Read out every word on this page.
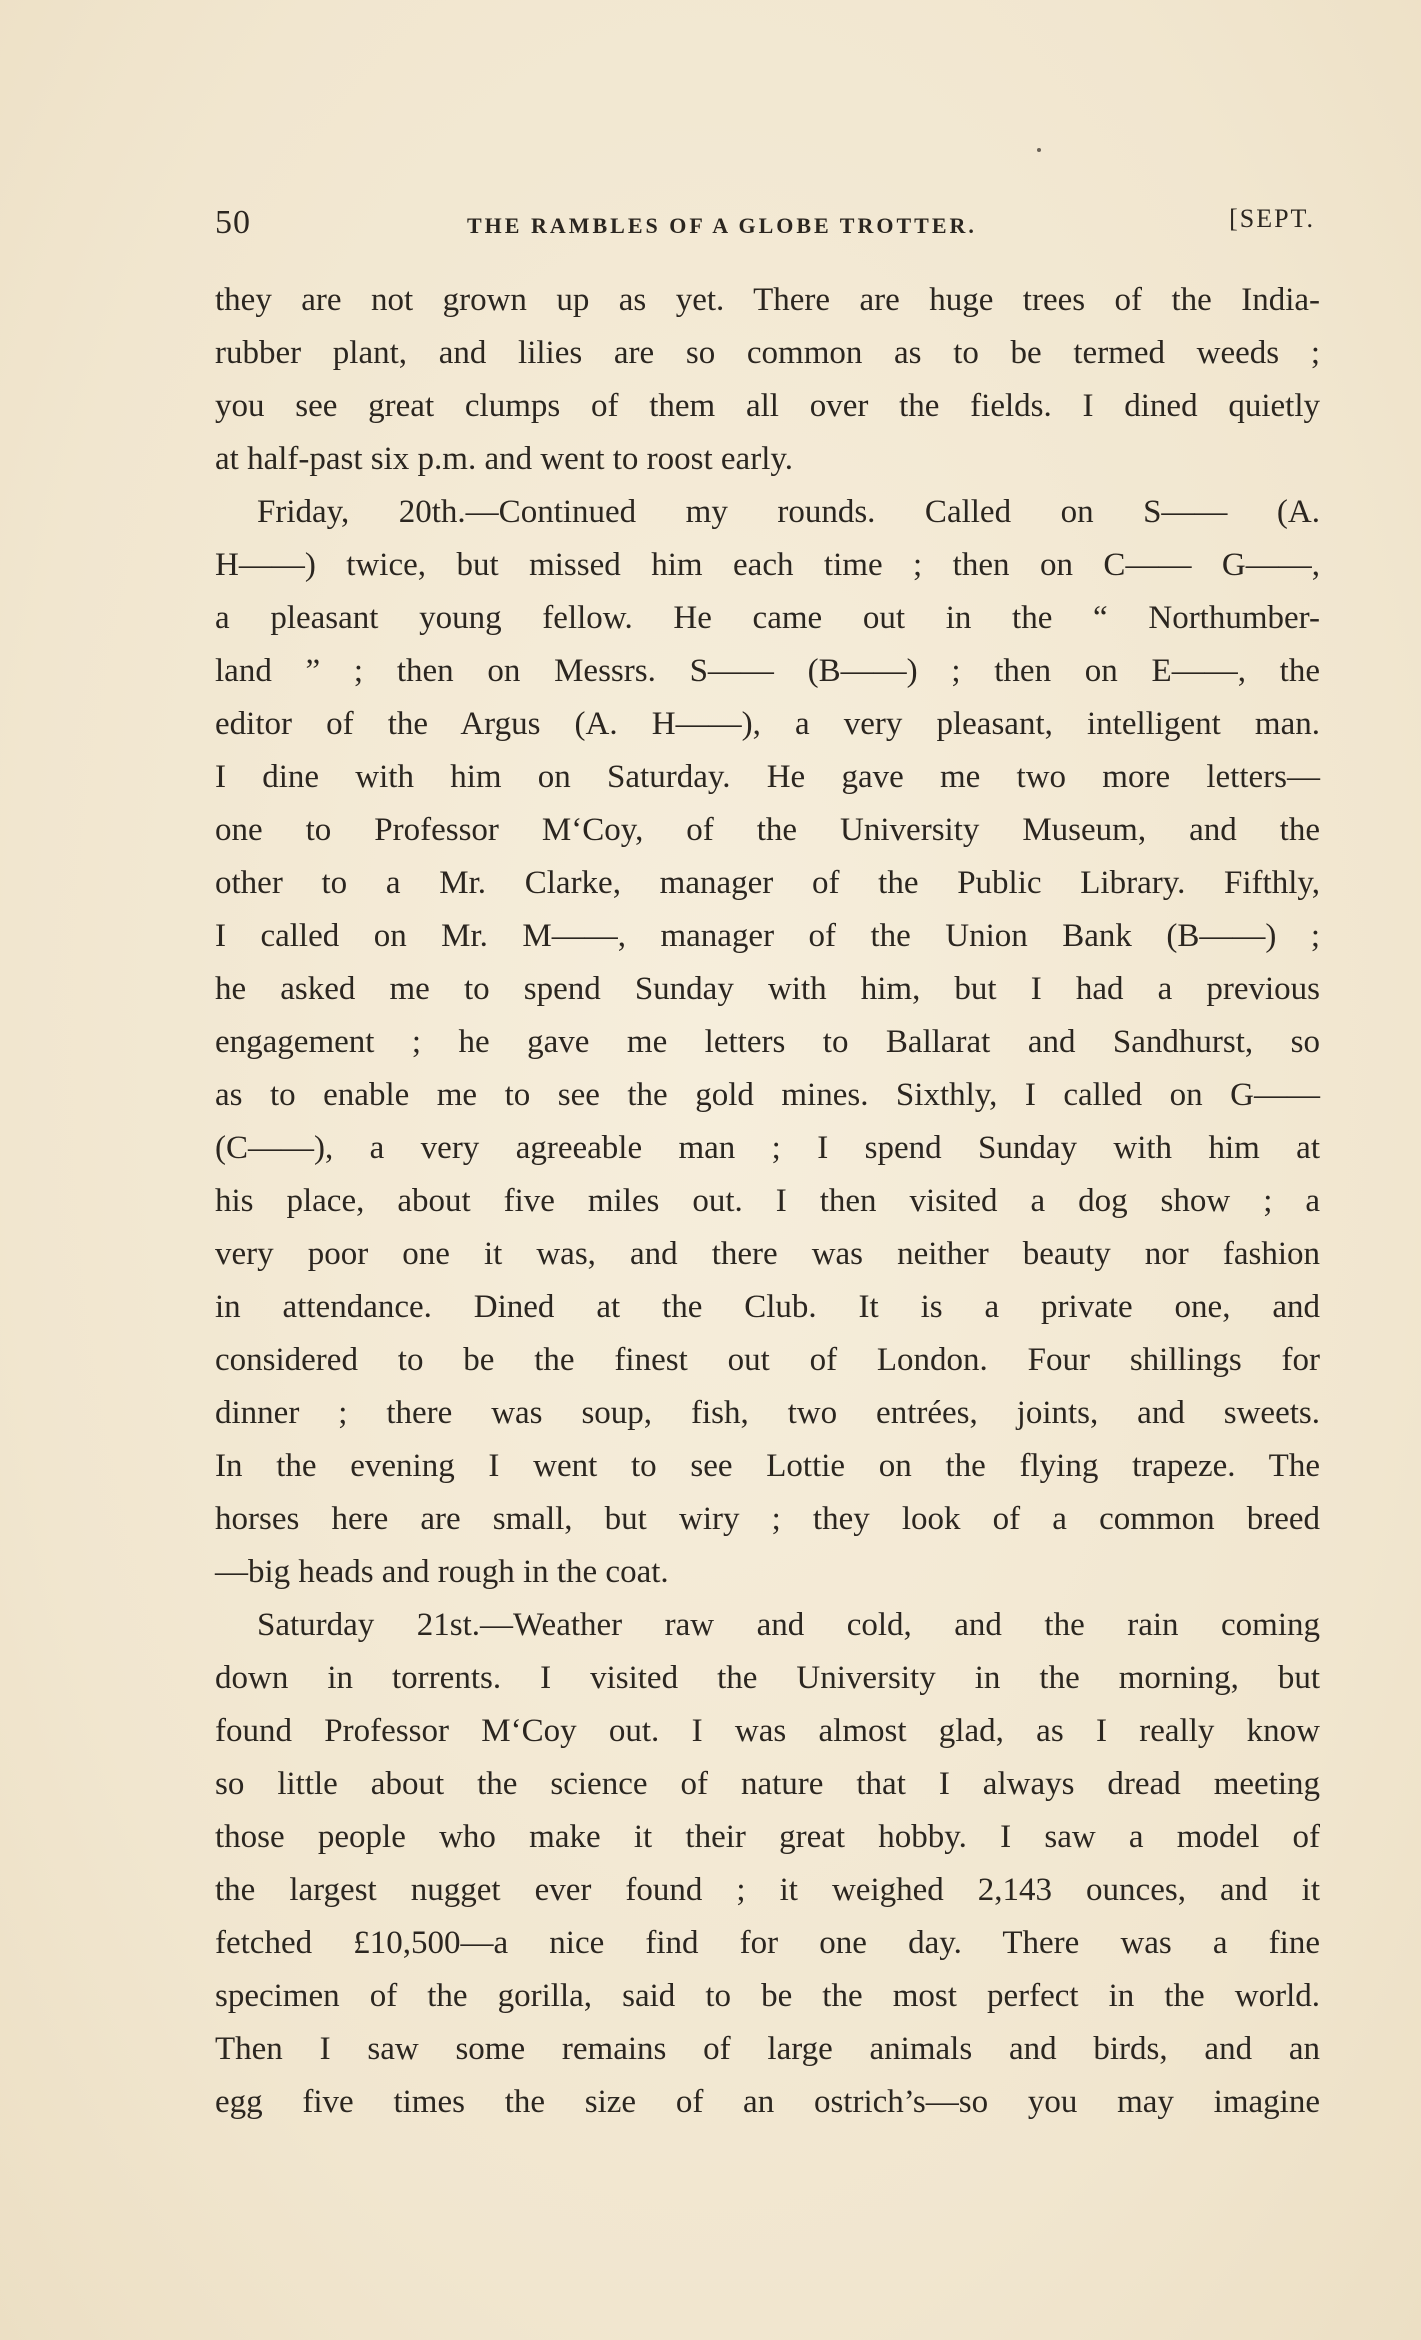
50	THE RAMBLES OF A GLOBE TROTTER.	[SEPT.
they are not grown up as yet. There are huge trees of the India-
rubber plant, and lilies are so common as to be termed weeds ;
you see great clumps of them all over the fields. I dined quietly
at half-past six p.m. and went to roost early.
Friday, 20th.—Continued my rounds. Called on S—— (A.
H——) twice, but missed him each time ; then on C—— G——,
a pleasant young fellow. He came out in the “ Northumber-
land ” ; then on Messrs. S—— (B——) ; then on E——, the
editor of the Argus (A. H——), a very pleasant, intelligent man.
I dine with him on Saturday. He gave me two more letters—
one to Professor M‘Coy, of the University Museum, and the
other to a Mr. Clarke, manager of the Public Library. Fifthly,
I called on Mr. M——, manager of the Union Bank (B——) ;
he asked me to spend Sunday with him, but I had a previous
engagement ; he gave me letters to Ballarat and Sandhurst, so
as to enable me to see the gold mines. Sixthly, I called on G——
(C——), a very agreeable man ; I spend Sunday with him at
his place, about five miles out. I then visited a dog show ; a
very poor one it was, and there was neither beauty nor fashion
in attendance. Dined at the Club. It is a private one, and
considered to be the finest out of London. Four shillings for
dinner ; there was soup, fish, two entrées, joints, and sweets.
In the evening I went to see Lottie on the flying trapeze. The
horses here are small, but wiry ; they look of a common breed
—big heads and rough in the coat.
Saturday 21st.—Weather raw and cold, and the rain coming
down in torrents. I visited the University in the morning, but
found Professor M‘Coy out. I was almost glad, as I really know
so little about the science of nature that I always dread meeting
those people who make it their great hobby. I saw a model of
the largest nugget ever found ; it weighed 2,143 ounces, and it
fetched £10,500—a nice find for one day. There was a fine
specimen of the gorilla, said to be the most perfect in the world.
Then I saw some remains of large animals and birds, and an
egg five times the size of an ostrich’s—so you may imagine
